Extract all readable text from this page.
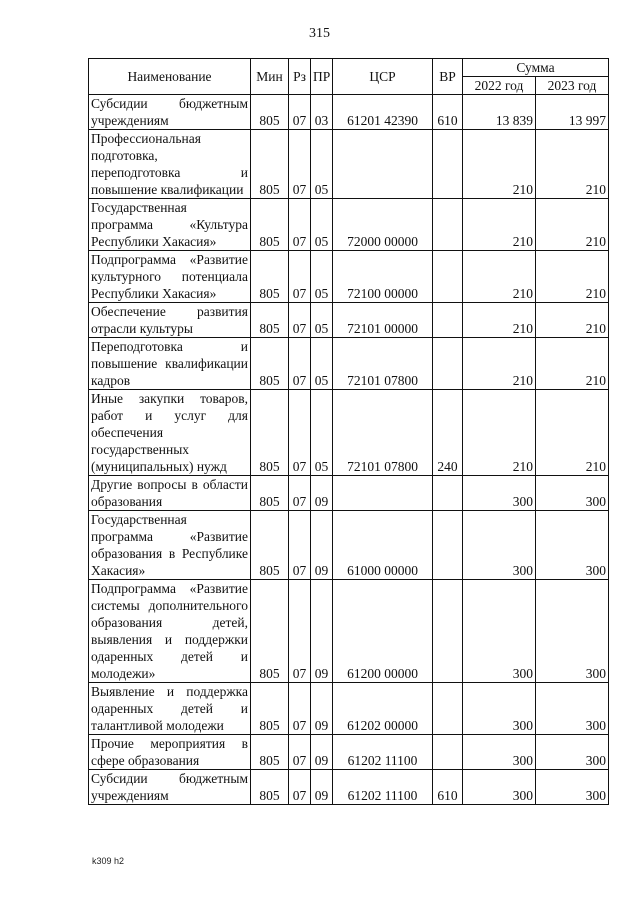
315
Наименование	Мин	Рз	ПР	ЦСР	ВР	Сумма	
						2022 год	2023 год
Субсидии бюджетным учреждениям	805	07	03	61201 42390	610	13 839	13 997
Профессиональная подготовка, переподготовка и повышение квалификации	805	07	05			210	210
Государственная программа «Культура Республики Хакасия»	805	07	05	72000 00000		210	210
Подпрограмма «Развитие культурного потенциала Республики Хакасия»	805	07	05	72100 00000		210	210
Обеспечение развития отрасли культуры	805	07	05	72101 00000		210	210
Переподготовка и повышение квалификации кадров	805	07	05	72101 07800		210	210
Иные закупки товаров, работ и услуг для обеспечения государственных (муниципальных) нужд	805	07	05	72101 07800	240	210	210
Другие вопросы в области образования	805	07	09			300	300
Государственная программа «Развитие образования в Республике Хакасия»	805	07	09	61000 00000		300	300
Подпрограмма «Развитие системы дополнительного образования детей, выявления и поддержки одаренных детей и молодежи»	805	07	09	61200 00000		300	300
Выявление и поддержка одаренных детей и талантливой молодежи	805	07	09	61202 00000		300	300
Прочие мероприятия в сфере образования	805	07	09	61202 11100		300	300
Субсидии бюджетным учреждениям	805	07	09	61202 11100	610	300	300
k309 h2
